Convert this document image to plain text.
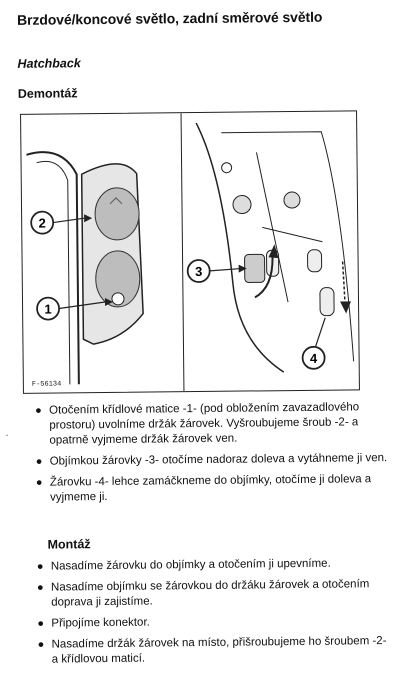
Brzdové/koncové světlo, zadní směrové světlo
Hatchback
Demontáž
2
1
3
4
F-56134
·
● Otočením křídlové matice -1- (pod obložením zavazadlového prostoru) uvolníme držák žárovek. Vyšroubujeme šroub -2- a opatrně vyjmeme držák žárovek ven.
● Objímkou žárovky -3- otočíme nadoraz doleva a vytáhneme ji ven.
● Žárovku -4- lehce zamáčkneme do objímky, otočíme ji doleva a vyjmeme ji.
Montáž
● Nasadíme žárovku do objímky a otočením ji upevníme.
● Nasadíme objímku se žárovkou do držáku žárovek a otočením doprava ji zajistíme.
● Připojíme konektor.
● Nasadíme držák žárovek na místo, přišroubujeme ho šroubem -2- a křídlovou maticí.
